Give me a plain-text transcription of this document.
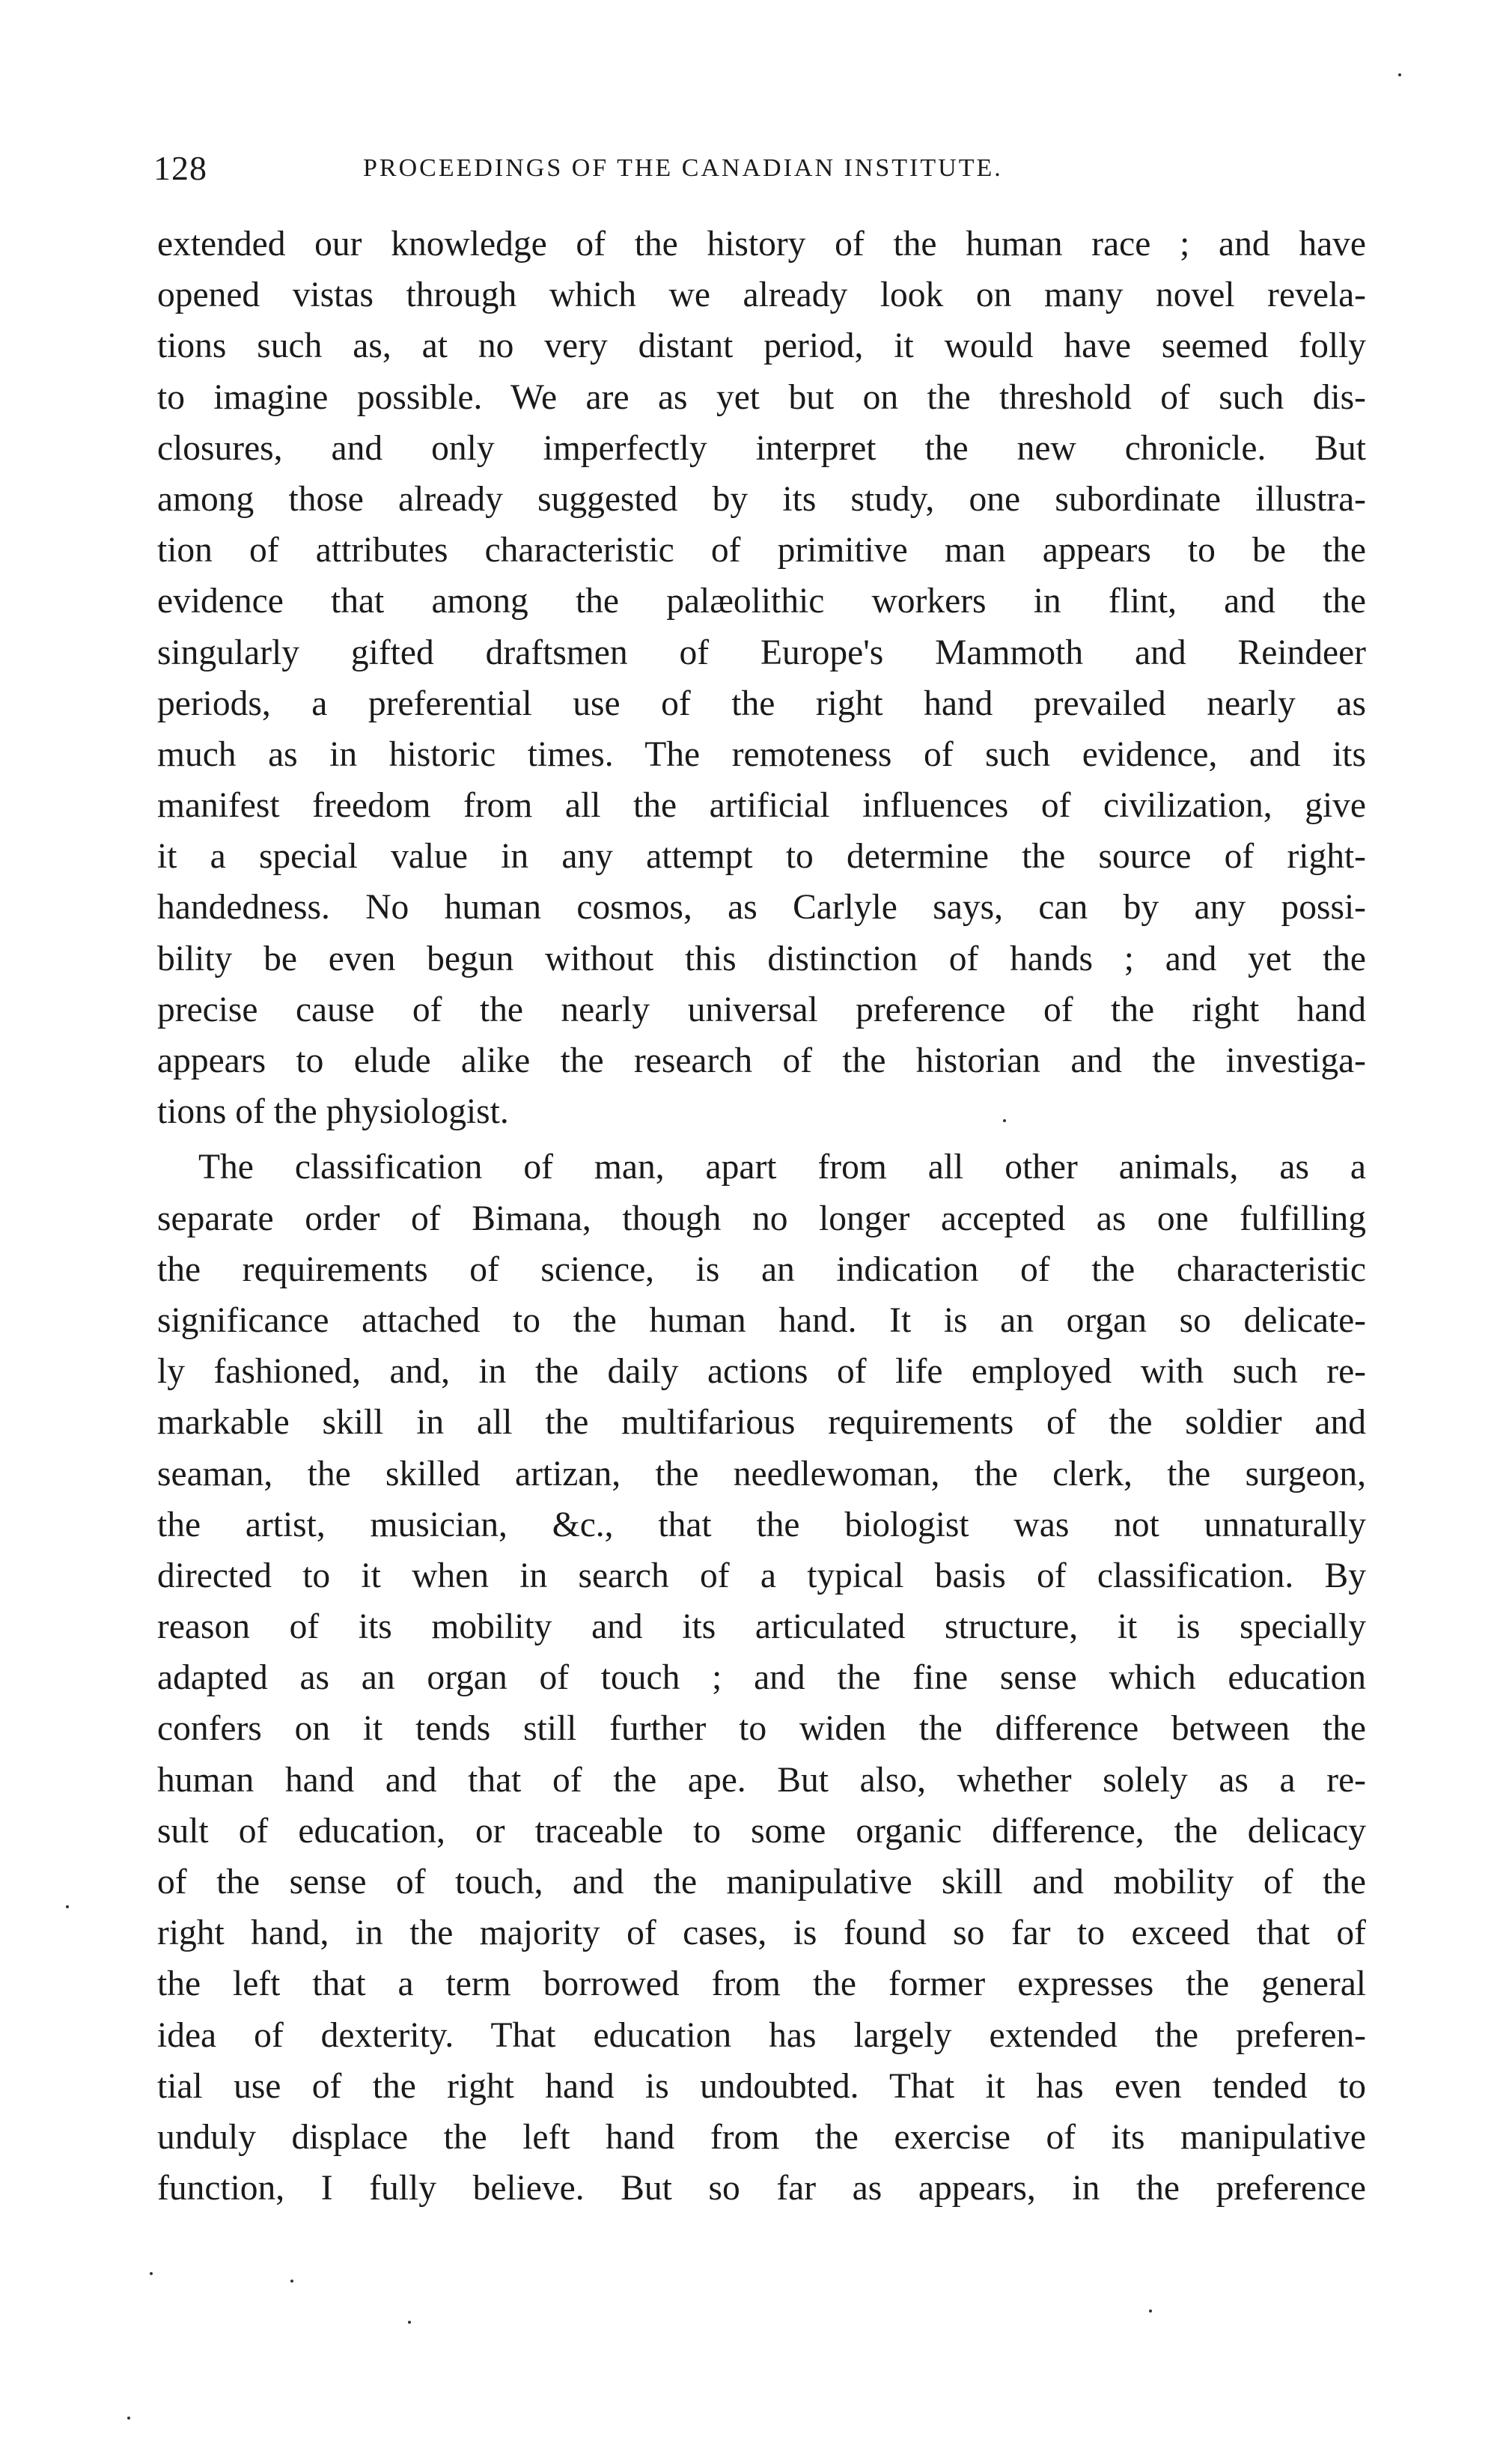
128	PROCEEDINGS OF THE CANADIAN INSTITUTE.
extended our knowledge of the history of the human race ; and have
opened vistas through which we already look on many novel revela-
tions such as, at no very distant period, it would have seemed folly
to imagine possible. We are as yet but on the threshold of such dis-
closures, and only imperfectly interpret the new chronicle. But
among those already suggested by its study, one subordinate illustra-
tion of attributes characteristic of primitive man appears to be the
evidence that among the palæolithic workers in flint, and the
singularly gifted draftsmen of Europe's Mammoth and Reindeer
periods, a preferential use of the right hand prevailed nearly as
much as in historic times. The remoteness of such evidence, and its
manifest freedom from all the artificial influences of civilization, give
it a special value in any attempt to determine the source of right-
handedness. No human cosmos, as Carlyle says, can by any possi-
bility be even begun without this distinction of hands ; and yet the
precise cause of the nearly universal preference of the right hand
appears to elude alike the research of the historian and the investiga-
tions of the physiologist.
The classification of man, apart from all other animals, as a
separate order of Bimana, though no longer accepted as one fulfilling
the requirements of science, is an indication of the characteristic
significance attached to the human hand. It is an organ so delicate-
ly fashioned, and, in the daily actions of life employed with such re-
markable skill in all the multifarious requirements of the soldier and
seaman, the skilled artizan, the needlewoman, the clerk, the surgeon,
the artist, musician, &c., that the biologist was not unnaturally
directed to it when in search of a typical basis of classification. By
reason of its mobility and its articulated structure, it is specially
adapted as an organ of touch ; and the fine sense which education
confers on it tends still further to widen the difference between the
human hand and that of the ape. But also, whether solely as a re-
sult of education, or traceable to some organic difference, the delicacy
of the sense of touch, and the manipulative skill and mobility of the
right hand, in the majority of cases, is found so far to exceed that of
the left that a term borrowed from the former expresses the general
idea of dexterity. That education has largely extended the preferen-
tial use of the right hand is undoubted. That it has even tended to
unduly displace the left hand from the exercise of its manipulative
function, I fully believe. But so far as appears, in the preference
